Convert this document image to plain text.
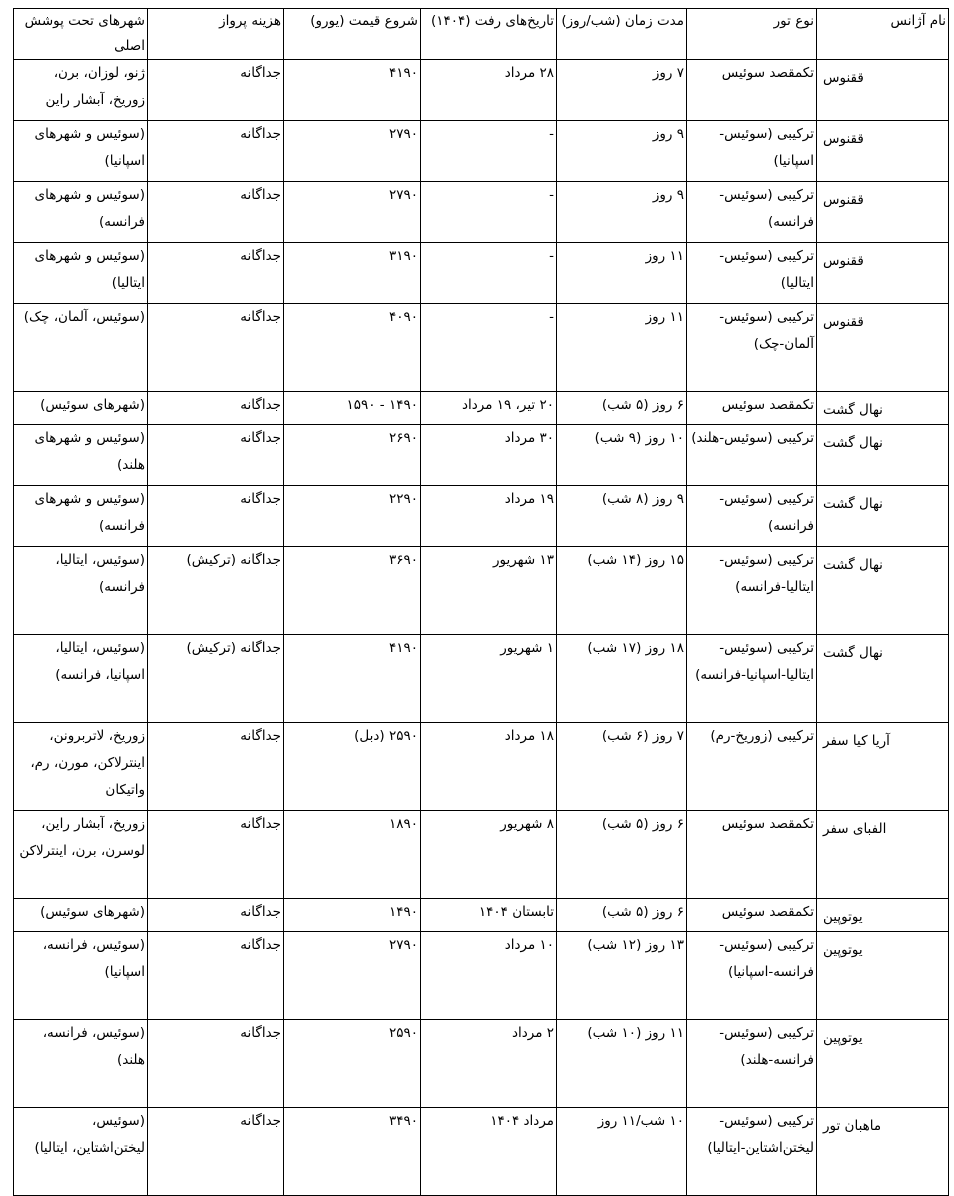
نام آژانس	نوع تور	مدت زمان (شب/روز)	تاریخ‌های رفت (۱۴۰۴)	شروع قیمت (یورو)	هزینه پرواز	شهرهای تحت پوشش اصلی
ققنوس	تکمقصد سوئیس	۷ روز	۲۸ مرداد	۴۱۹۰	جداگانه	ژنو، لوزان، برن، زوریخ، آبشار راین
ققنوس	ترکیبی (سوئیس-اسپانیا)	۹ روز	-	۲۷۹۰	جداگانه	(سوئیس و شهرهای اسپانیا)
ققنوس	ترکیبی (سوئیس-فرانسه)	۹ روز	-	۲۷۹۰	جداگانه	(سوئیس و شهرهای فرانسه)
ققنوس	ترکیبی (سوئیس-ایتالیا)	۱۱ روز	-	۳۱۹۰	جداگانه	(سوئیس و شهرهای ایتالیا)
ققنوس	ترکیبی (سوئیس-آلمان-چک)	۱۱ روز	-	۴۰۹۰	جداگانه	(سوئیس، آلمان، چک)
نهال گشت	تکمقصد سوئیس	۶ روز (۵ شب)	۲۰ تیر، ۱۹ مرداد	۱۴۹۰ - ۱۵۹۰	جداگانه	(شهرهای سوئیس)
نهال گشت	ترکیبی (سوئیس-هلند)	۱۰ روز (۹ شب)	۳۰ مرداد	۲۶۹۰	جداگانه	(سوئیس و شهرهای هلند)
نهال گشت	ترکیبی (سوئیس-فرانسه)	۹ روز (۸ شب)	۱۹ مرداد	۲۲۹۰	جداگانه	(سوئیس و شهرهای فرانسه)
نهال گشت	ترکیبی (سوئیس-ایتالیا-فرانسه)	۱۵ روز (۱۴ شب)	۱۳ شهریور	۳۶۹۰	جداگانه (ترکیش)	(سوئیس، ایتالیا، فرانسه)
نهال گشت	ترکیبی (سوئیس-ایتالیا-اسپانیا-فرانسه)	۱۸ روز (۱۷ شب)	۱ شهریور	۴۱۹۰	جداگانه (ترکیش)	(سوئیس، ایتالیا، اسپانیا، فرانسه)
آریا کیا سفر	ترکیبی (زوریخ-رم)	۷ روز (۶ شب)	۱۸ مرداد	۲۵۹۰ (دبل)	جداگانه	زوریخ، لاتربرونن، اینترلاکن، مورن، رم، واتیکان
الفبای سفر	تکمقصد سوئیس	۶ روز (۵ شب)	۸ شهریور	۱۸۹۰	جداگانه	زوریخ، آبشار راین، لوسرن، برن، اینترلاکن
یوتوپین	تکمقصد سوئیس	۶ روز (۵ شب)	تابستان ۱۴۰۴	۱۴۹۰	جداگانه	(شهرهای سوئیس)
یوتوپین	ترکیبی (سوئیس-فرانسه-اسپانیا)	۱۳ روز (۱۲ شب)	۱۰ مرداد	۲۷۹۰	جداگانه	(سوئیس، فرانسه، اسپانیا)
یوتوپین	ترکیبی (سوئیس-فرانسه-هلند)	۱۱ روز (۱۰ شب)	۲ مرداد	۲۵۹۰	جداگانه	(سوئیس، فرانسه، هلند)
ماهبان تور	ترکیبی (سوئیس-لیختن‌اشتاین-ایتالیا)	۱۰ شب/۱۱ روز	مرداد ۱۴۰۴	۳۴۹۰	جداگانه	(سوئیس، لیختن‌اشتاین، ایتالیا)
